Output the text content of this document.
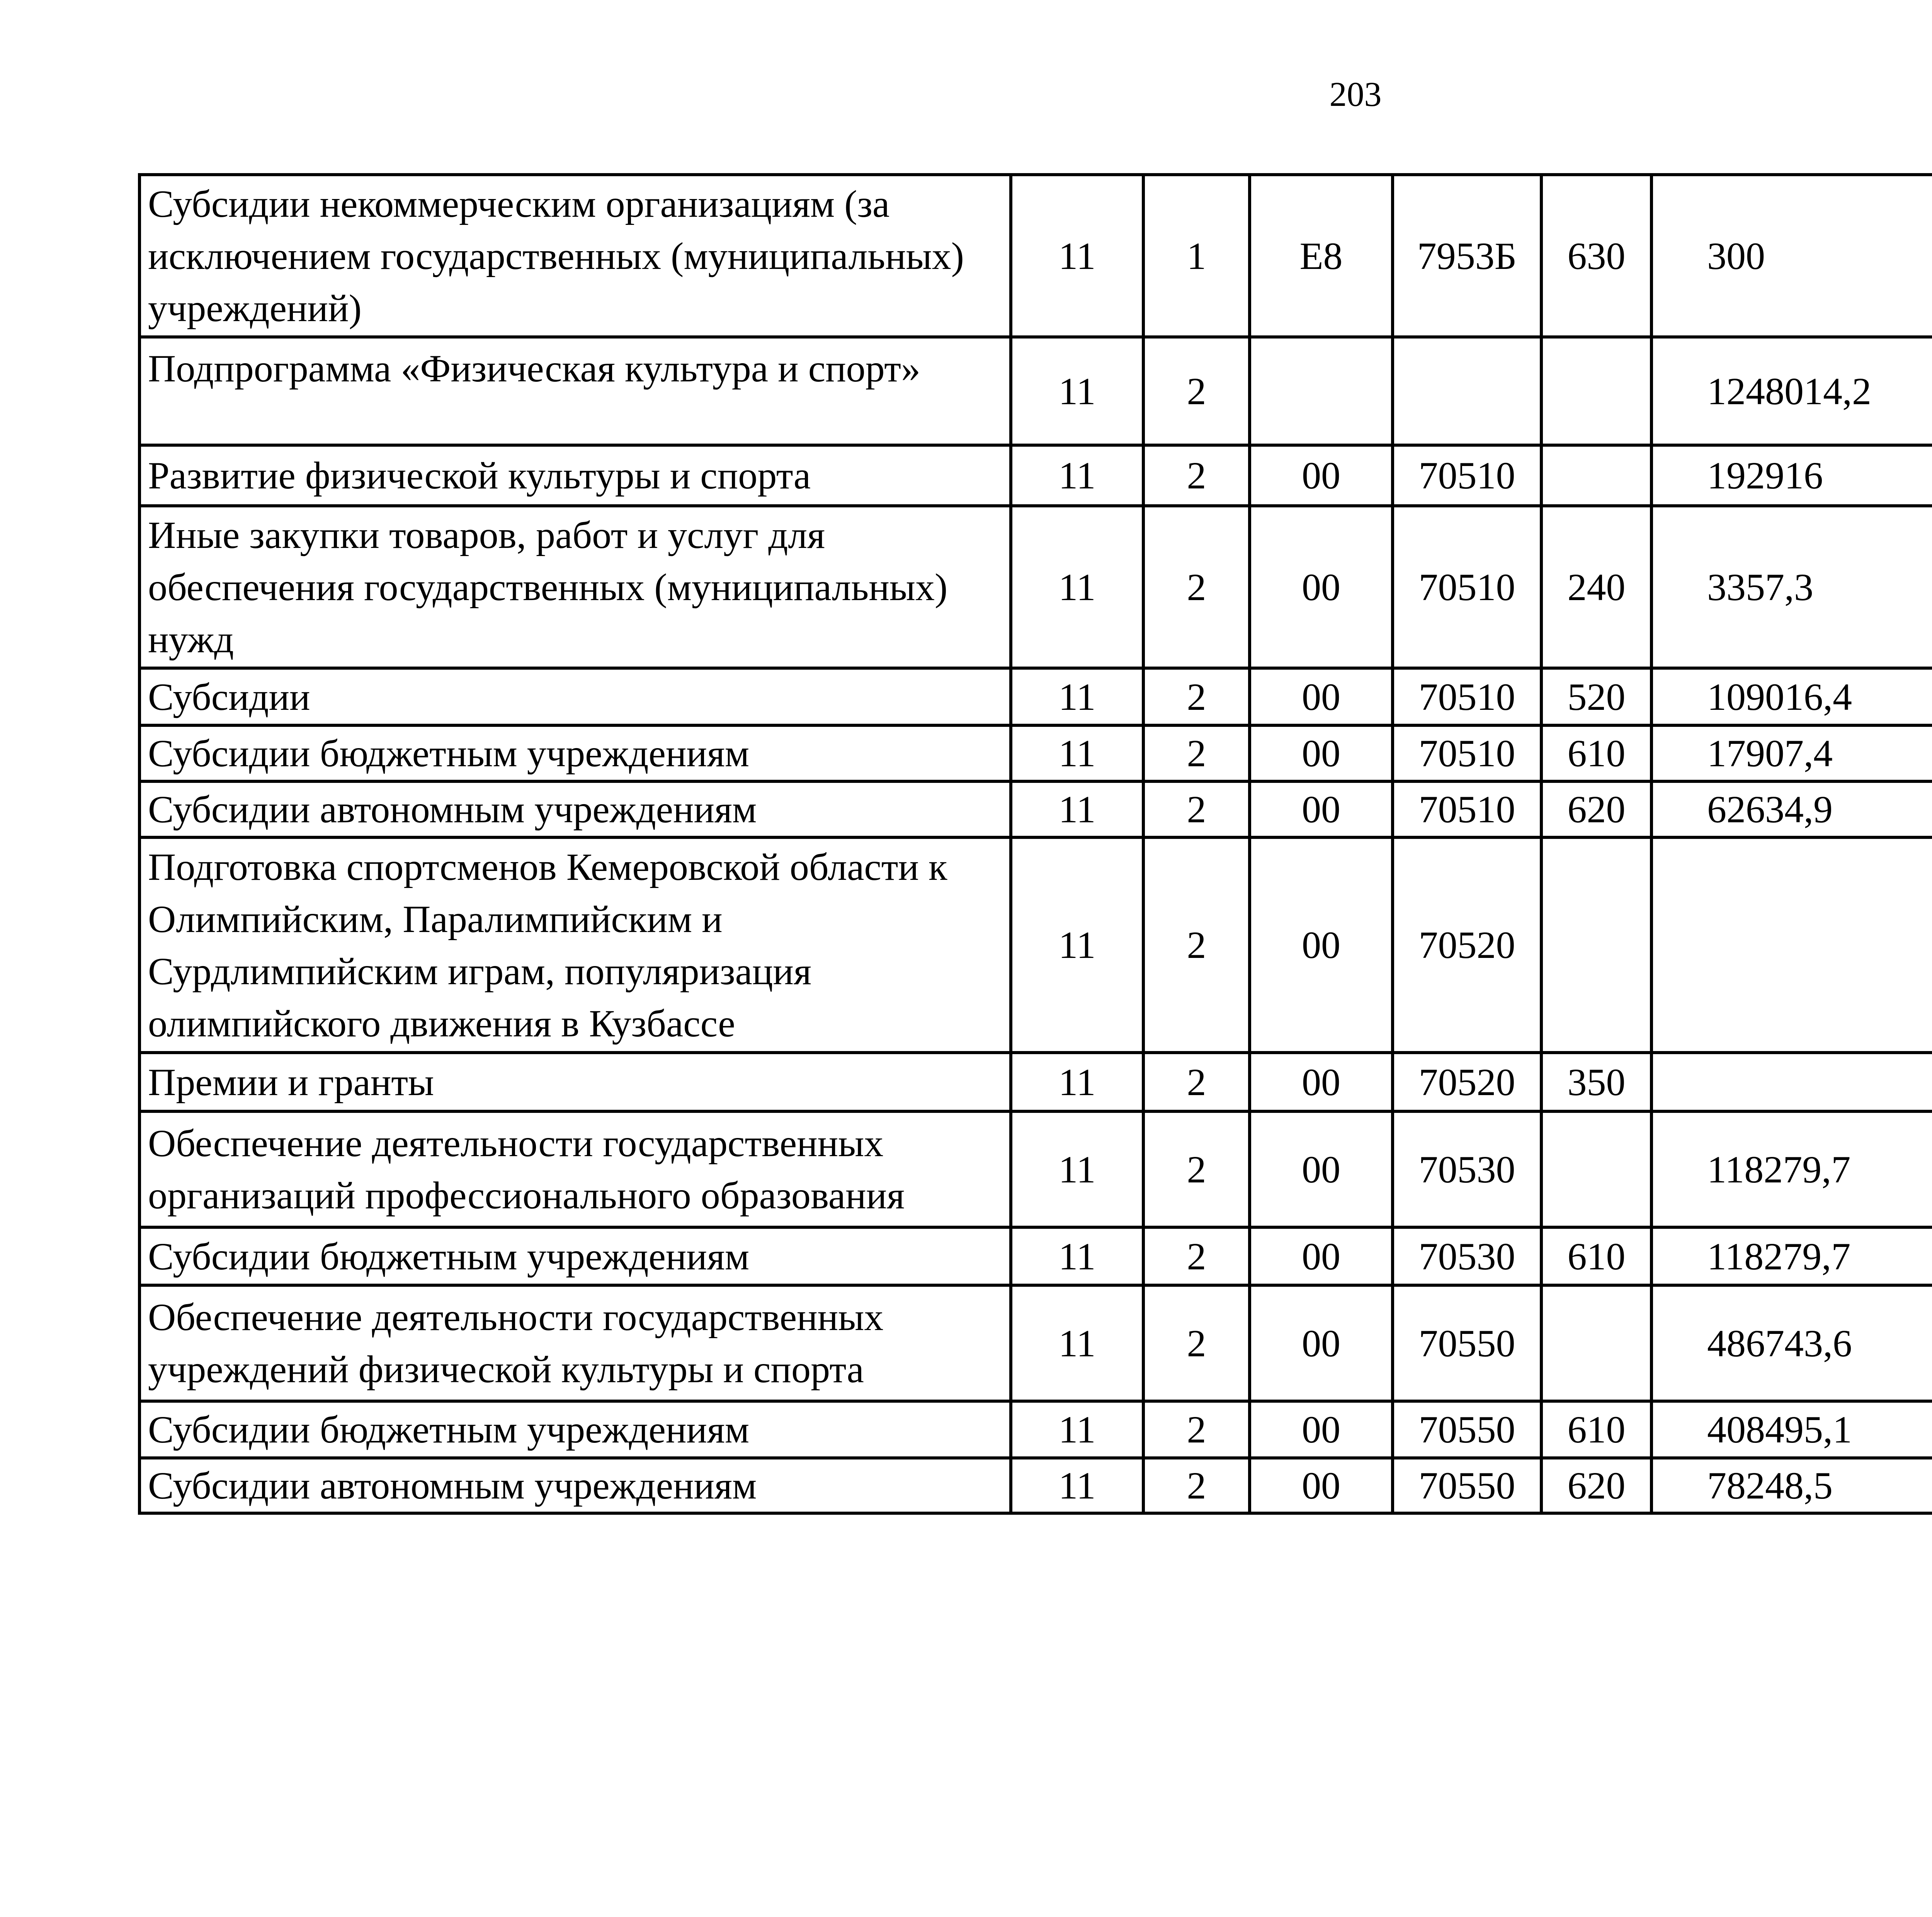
203
Субсидии некоммерческим организациям (за исключением государственных (муниципальных) учреждений)	11	1	Е8	7953Б	630	300		
Подпрограмма «Физическая культура и спорт»	11	2				1248014,2		
Развитие физической культуры и спорта	11	2	00	70510		192916		
Иные закупки товаров, работ и услуг для обеспечения государственных (муниципальных) нужд	11	2	00	70510	240	3357,3		
Субсидии	11	2	00	70510	520	109016,4		
Субсидии бюджетным учреждениям	11	2	00	70510	610	17907,4		
Субсидии автономным учреждениям	11	2	00	70510	620	62634,9		
Подготовка спортсменов Кемеровской области к Олимпийским, Паралимпийским и Сурдлимпийским играм, популяризация олимпийского движения в Кузбассе	11	2	00	70520				
Премии и гранты	11	2	00	70520	350			
Обеспечение деятельности государственных организаций профессионального образования	11	2	00	70530		118279,7		
Субсидии бюджетным учреждениям	11	2	00	70530	610	118279,7		
Обеспечение деятельности государственных учреждений физической культуры и спорта	11	2	00	70550		486743,6		
Субсидии бюджетным учреждениям	11	2	00	70550	610	408495,1		
Субсидии автономным учреждениям	11	2	00	70550	620	78248,5		
